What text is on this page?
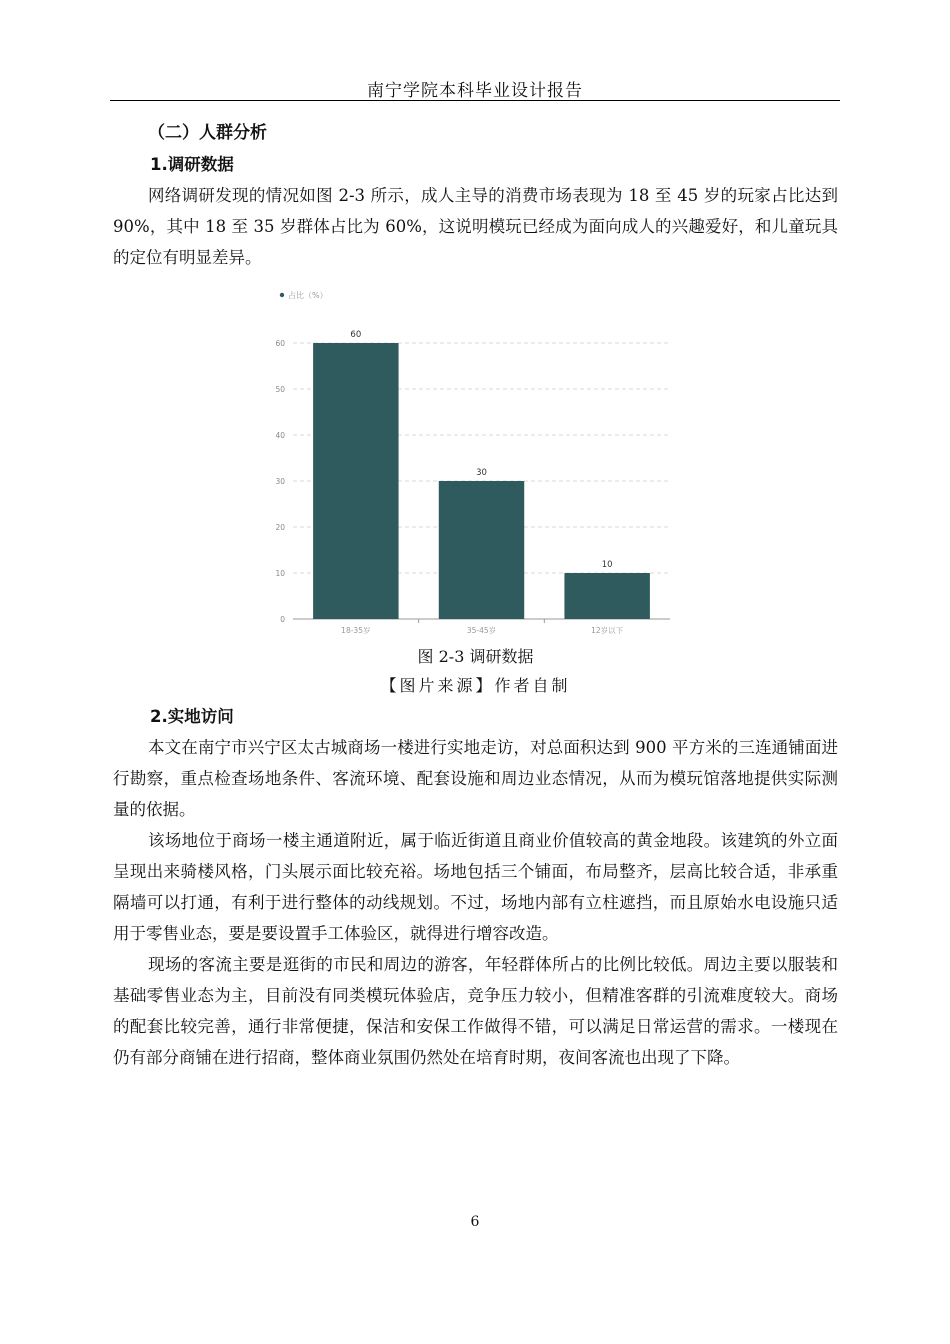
南宁学院本科毕业设计报告

（二）人群分析

1.调研数据

网络调研发现的情况如图 2-3 所示，成人主导的消费市场表现为 18 至 45 岁的玩家占比达到 90%，其中 18 至 35 岁群体占比为 60%，这说明模玩已经成为面向成人的兴趣爱好，和儿童玩具的定位有明显差异。

占比（%）
0
10
20
30
40
50
60
60
18-35岁
30
35-45岁
10
12岁以下

图 2-3 调研数据

【图片来源】作者自制

2.实地访问

本文在南宁市兴宁区太古城商场一楼进行实地走访，对总面积达到 900 平方米的三连通铺面进行勘察，重点检查场地条件、客流环境、配套设施和周边业态情况，从而为模玩馆落地提供实际测量的依据。

该场地位于商场一楼主通道附近，属于临近街道且商业价值较高的黄金地段。该建筑的外立面呈现出来骑楼风格，门头展示面比较充裕。场地包括三个铺面，布局整齐，层高比较合适，非承重隔墙可以打通，有利于进行整体的动线规划。不过，场地内部有立柱遮挡，而且原始水电设施只适用于零售业态，要是要设置手工体验区，就得进行增容改造。

现场的客流主要是逛街的市民和周边的游客，年轻群体所占的比例比较低。周边主要以服装和基础零售业态为主，目前没有同类模玩体验店，竞争压力较小，但精准客群的引流难度较大。商场的配套比较完善，通行非常便捷，保洁和安保工作做得不错，可以满足日常运营的需求。一楼现在仍有部分商铺在进行招商，整体商业氛围仍然处在培育时期，夜间客流也出现了下降。

6
